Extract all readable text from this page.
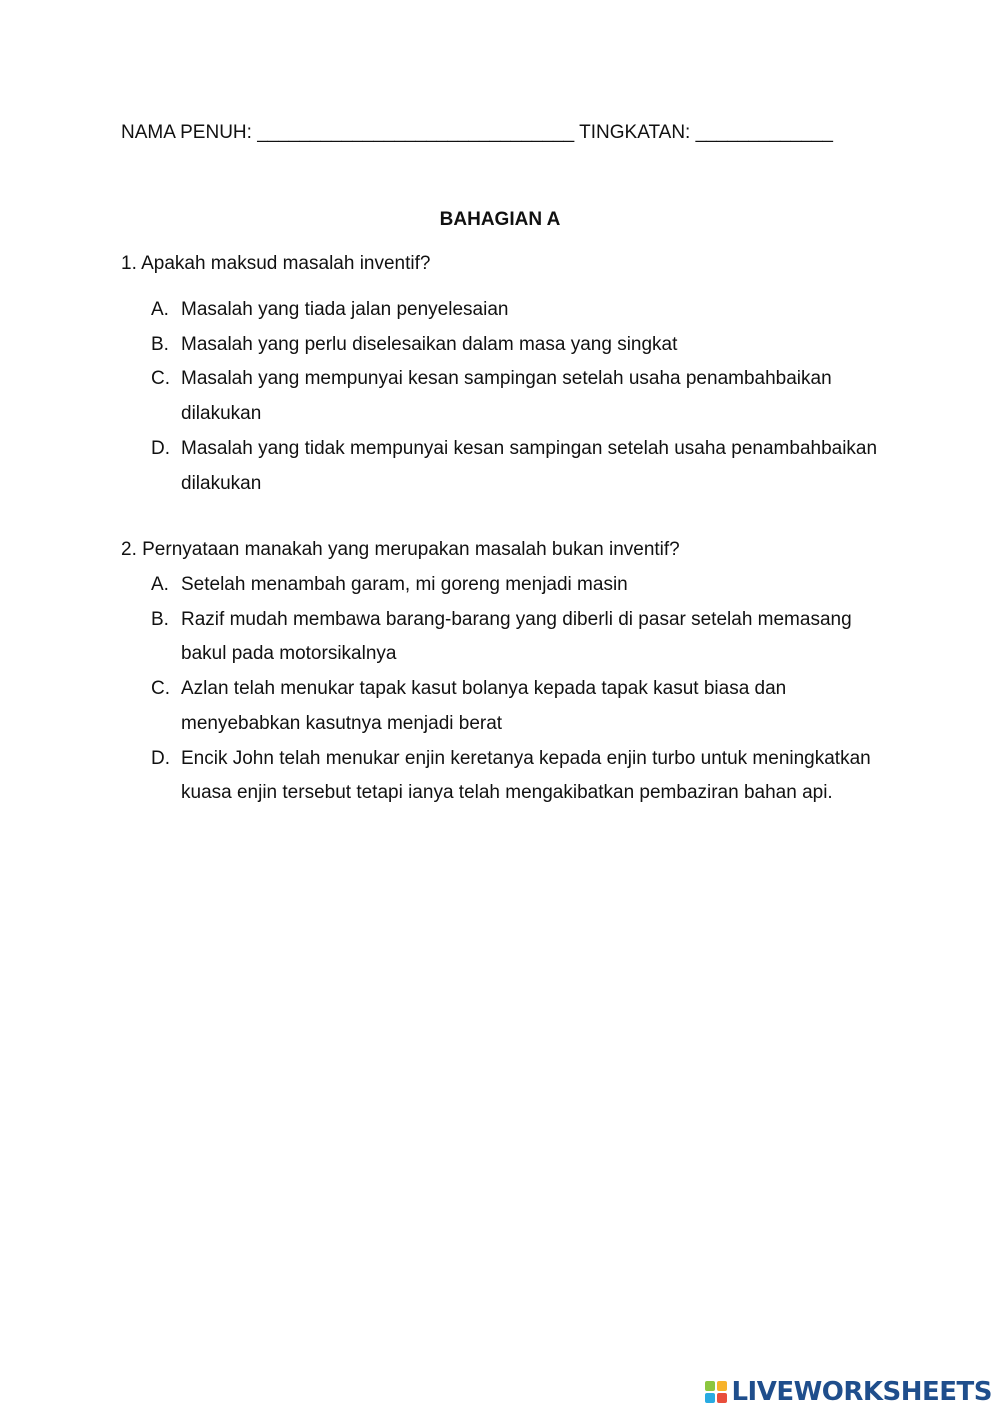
NAMA PENUH: ______________________________ TINGKATAN: _____________
BAHAGIAN A
1. Apakah maksud masalah inventif?
A. Masalah yang tiada jalan penyelesaian
B. Masalah yang perlu diselesaikan dalam masa yang singkat
C. Masalah yang mempunyai kesan sampingan setelah usaha penambahbaikan dilakukan
D. Masalah yang tidak mempunyai kesan sampingan setelah usaha penambahbaikan dilakukan
2. Pernyataan manakah yang merupakan masalah bukan inventif?
A. Setelah menambah garam, mi goreng menjadi masin
B. Razif mudah membawa barang-barang yang diberli di pasar setelah memasang bakul pada motorsikalnya
C. Azlan telah menukar tapak kasut bolanya kepada tapak kasut biasa dan menyebabkan kasutnya menjadi berat
D. Encik John telah menukar enjin keretanya kepada enjin turbo untuk meningkatkan kuasa enjin tersebut tetapi ianya telah mengakibatkan pembaziran bahan api.
LIVEWORKSHEETS
